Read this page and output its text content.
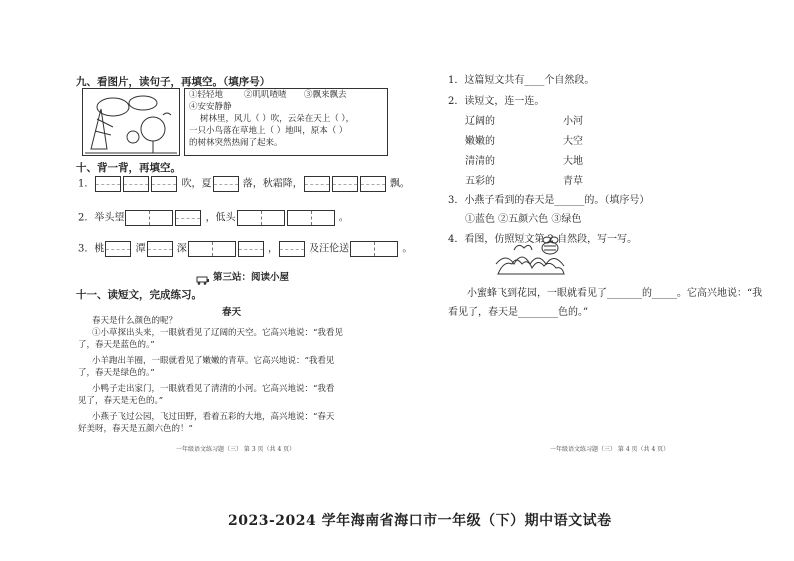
九、看图片，读句子，再填空。（填序号）
①轻轻地 ②叽叽喳喳 ③飘来飘去
④安安静静
树林里，风儿（ ）吹，云朵在天上（ ），
一只小鸟落在草地上（ ）地叫，原本（ ）
的树林突然热闹了起来。
十、背一背，再填空。
1．	吹，夏	落，秋霜降，	飘。
2．举头望	，低头	。
3．桃	潭	深	，	及汪伦送	。
第三站：阅读小屋
十一、读短文，完成练习。
春天
春天是什么颜色的呢？
①小草探出头来，一眼就看见了辽阔的天空。它高兴地说：“我看见
了，春天是蓝色的。”
小羊跑出羊圈，一眼就看见了嫩嫩的青草。它高兴地说：“我看见
了，春天是绿色的。”
小鸭子走出家门，一眼就看见了清清的小河。它高兴地说：“我看
见了，春天是无色的。”
小燕子飞过公园，飞过田野，看着五彩的大地，高兴地说：“春天
好美呀，春天是五颜六色的！”
一年级语文练习题（三） 第 3 页（共 4 页）
1．这篇短文共有____个自然段。
2．读短文，连一连。
辽阔的
嫩嫩的
清清的
五彩的
小河
大空
大地
青草
3．小燕子看到的春天是______的。（填序号）
①蓝色 ②五颜六色 ③绿色
4．看图，仿照短文第 2 自然段，写一写。
小蜜蜂飞到花园，一眼就看见了_______的_____。它高兴地说：“我
看见了，春天是________色的。”
一年级语文练习题（三） 第 4 页（共 4 页）
2023-2024 学年海南省海口市一年级（下）期中语文试卷
